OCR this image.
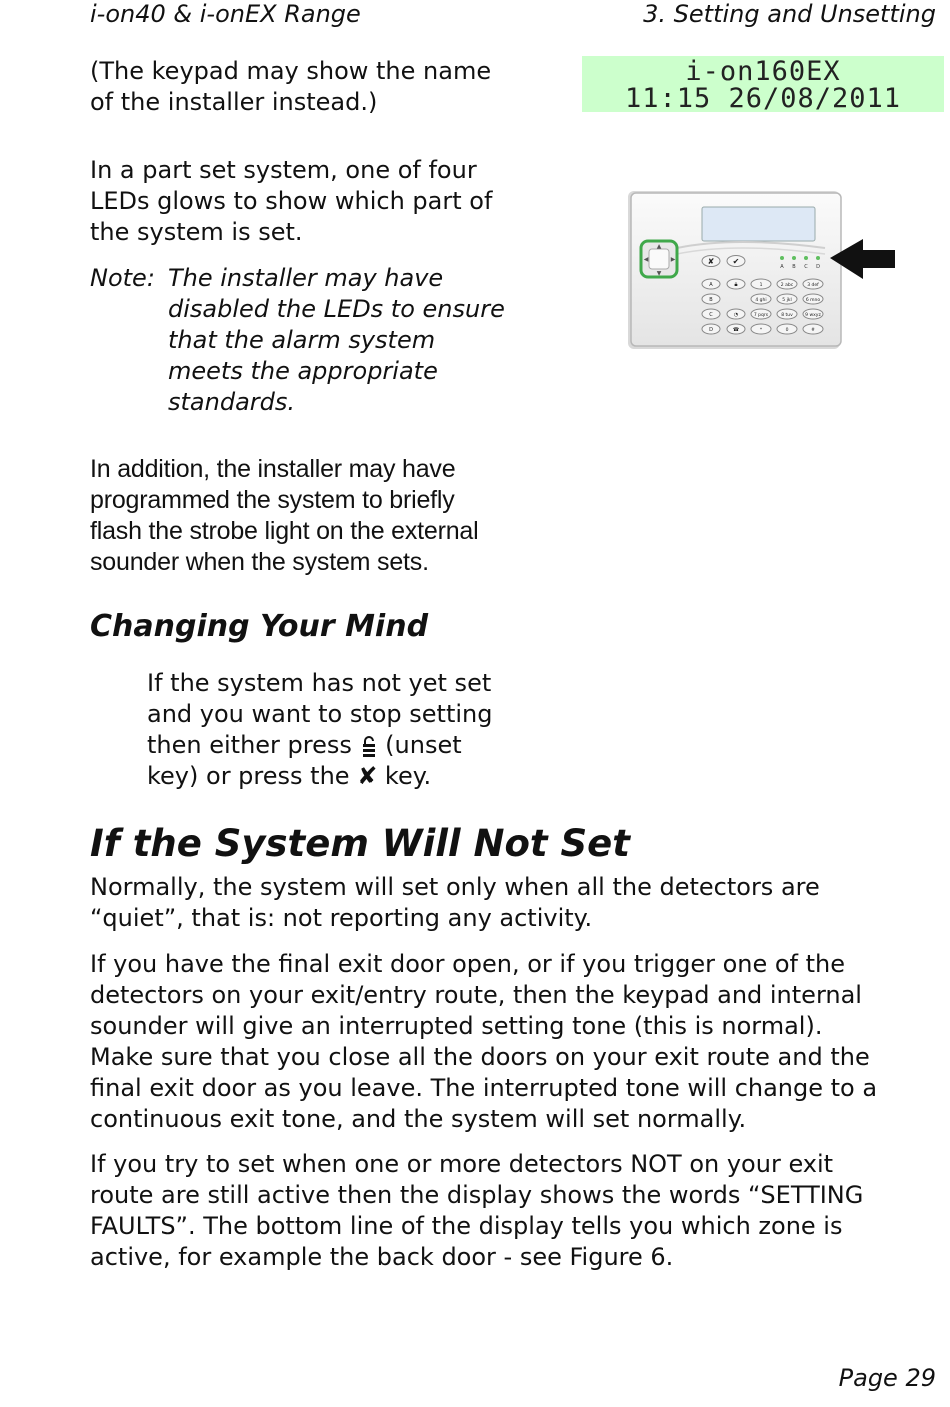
i-on40 & i-onEX Range	3. Setting and Unsetting
(The keypad may show the name
of the installer instead.)
i-on160EX
11:15 26/08/2011
In a part set system, one of four
LEDs glows to show which part of
the system is set.
Note: The installer may have
disabled the LEDs to ensure
that the alarm system
meets the appropriate
standards.
▲
▼
◀	▶	✘ ✔
A B C D
A
B
C
D
🔒︎
◔
☎
1	2 abc	3 def
4 ghi	5 jkl	6 mno
7 pqrs	8 tuv	9 wxyz
*	0	#
In addition, the installer may have
programmed the system to briefly
flash the strobe light on the external
sounder when the system sets.
Changing Your Mind
If the system has not yet set
and you want to stop setting
then either press  (unset
key) or press the ✘ key.
If the System Will Not Set
Normally, the system will set only when all the detectors are
“quiet”, that is: not reporting any activity.
If you have the final exit door open, or if you trigger one of the
detectors on your exit/entry route, then the keypad and internal
sounder will give an interrupted setting tone (this is normal).
Make sure that you close all the doors on your exit route and the
final exit door as you leave. The interrupted tone will change to a
continuous exit tone, and the system will set normally.
If you try to set when one or more detectors NOT on your exit
route are still active then the display shows the words “SETTING
FAULTS”. The bottom line of the display tells you which zone is
active, for example the back door - see Figure 6.
Page 29
